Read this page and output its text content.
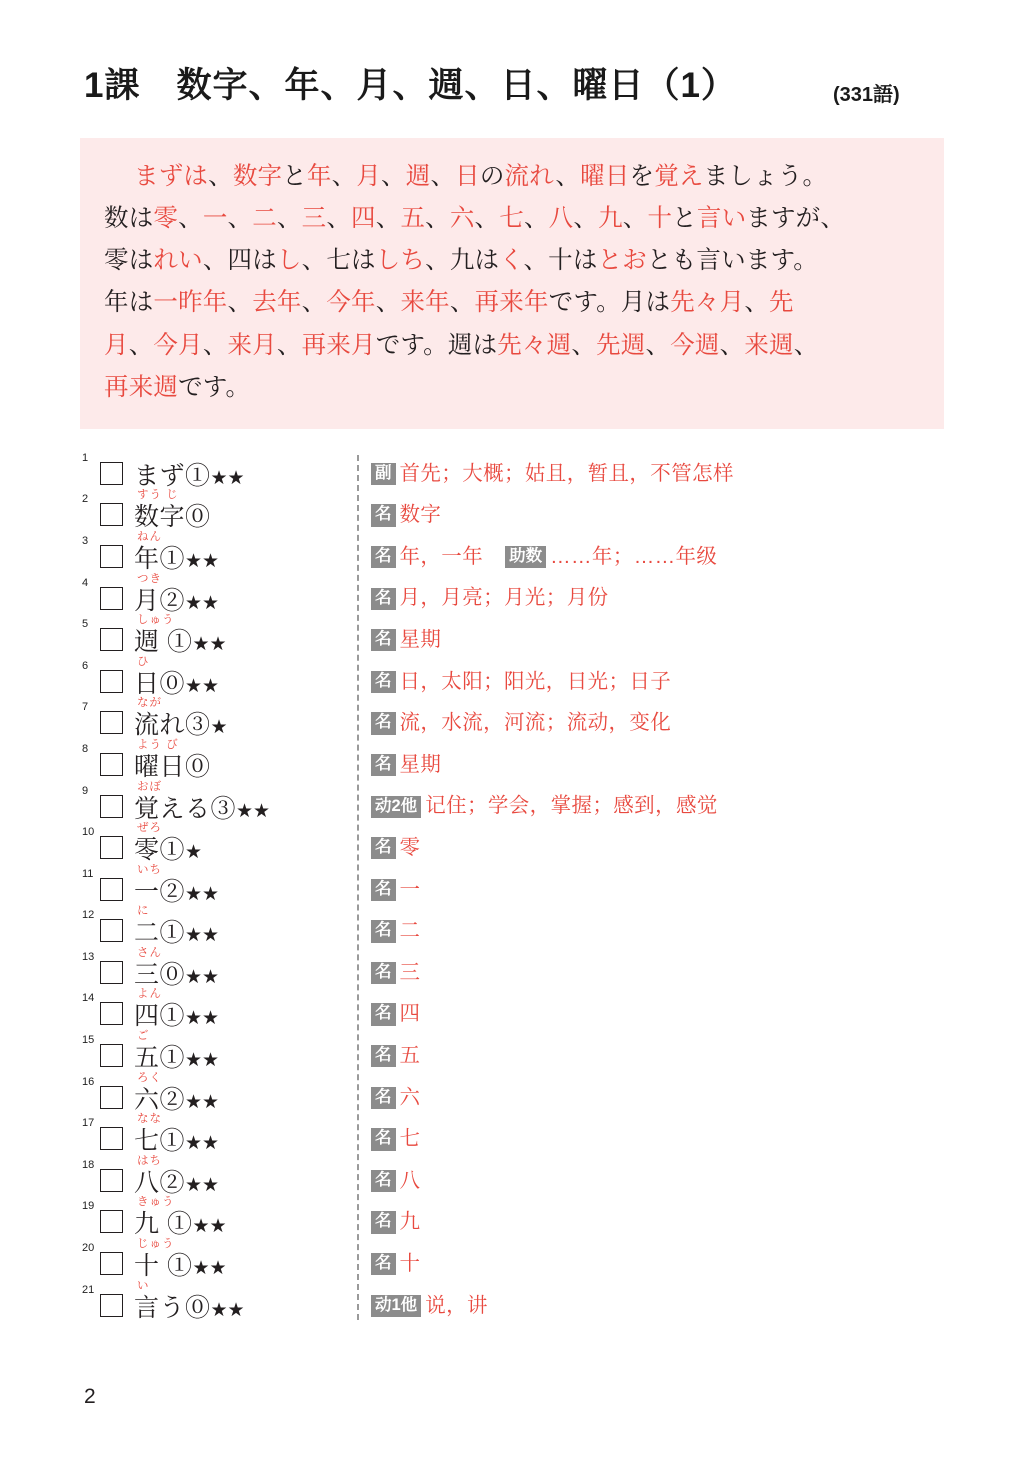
1課　数字、年、月、週、日、曜日（1）	(331語)
まずは、数字と年、月、週、日の流れ、曜日を覚えましょう。
数は零、一、二、三、四、五、六、七、八、九、十と言いますが、
零はれい、四はし、七はしち、九はく、十はとおとも言います。
年は一昨年、去年、今年、来年、再来年です。月は先々月、先
月、今月、来月、再来月です。週は先々週、先週、今週、来週、
再来週です。
1
まず①★★	副 首先；大概；姑且，暂且，不管怎样
2	すう じ
数字⓪	名 数字
3	ねん
年①★★	名 年，一年 助数 ……年；……年级
4	つき
月②★★	名 月，月亮；月光；月份
5	しゅう
週 ①★★	名 星期
6	ひ
日⓪★★	名 日，太阳；阳光，日光；日子
7	なが
流れ③★	名 流，水流，河流；流动，变化
8	よう び
曜日⓪	名 星期
9	おぼ
覚える③★★	动2他 记住；学会，掌握；感到，感觉
10	ぜろ
零①★	名 零
11	いち
一②★★	名 一
12	に
二①★★	名 二
13	さん
三⓪★★	名 三
14	よん
四①★★	名 四
15	ご
五①★★	名 五
16	ろく
六②★★	名 六
17	なな
七①★★	名 七
18	はち
八②★★	名 八
19	きゅう
九 ①★★	名 九
20	じゅう
十 ①★★	名 十
21	い
言う⓪★★	动1他 说，讲
2
